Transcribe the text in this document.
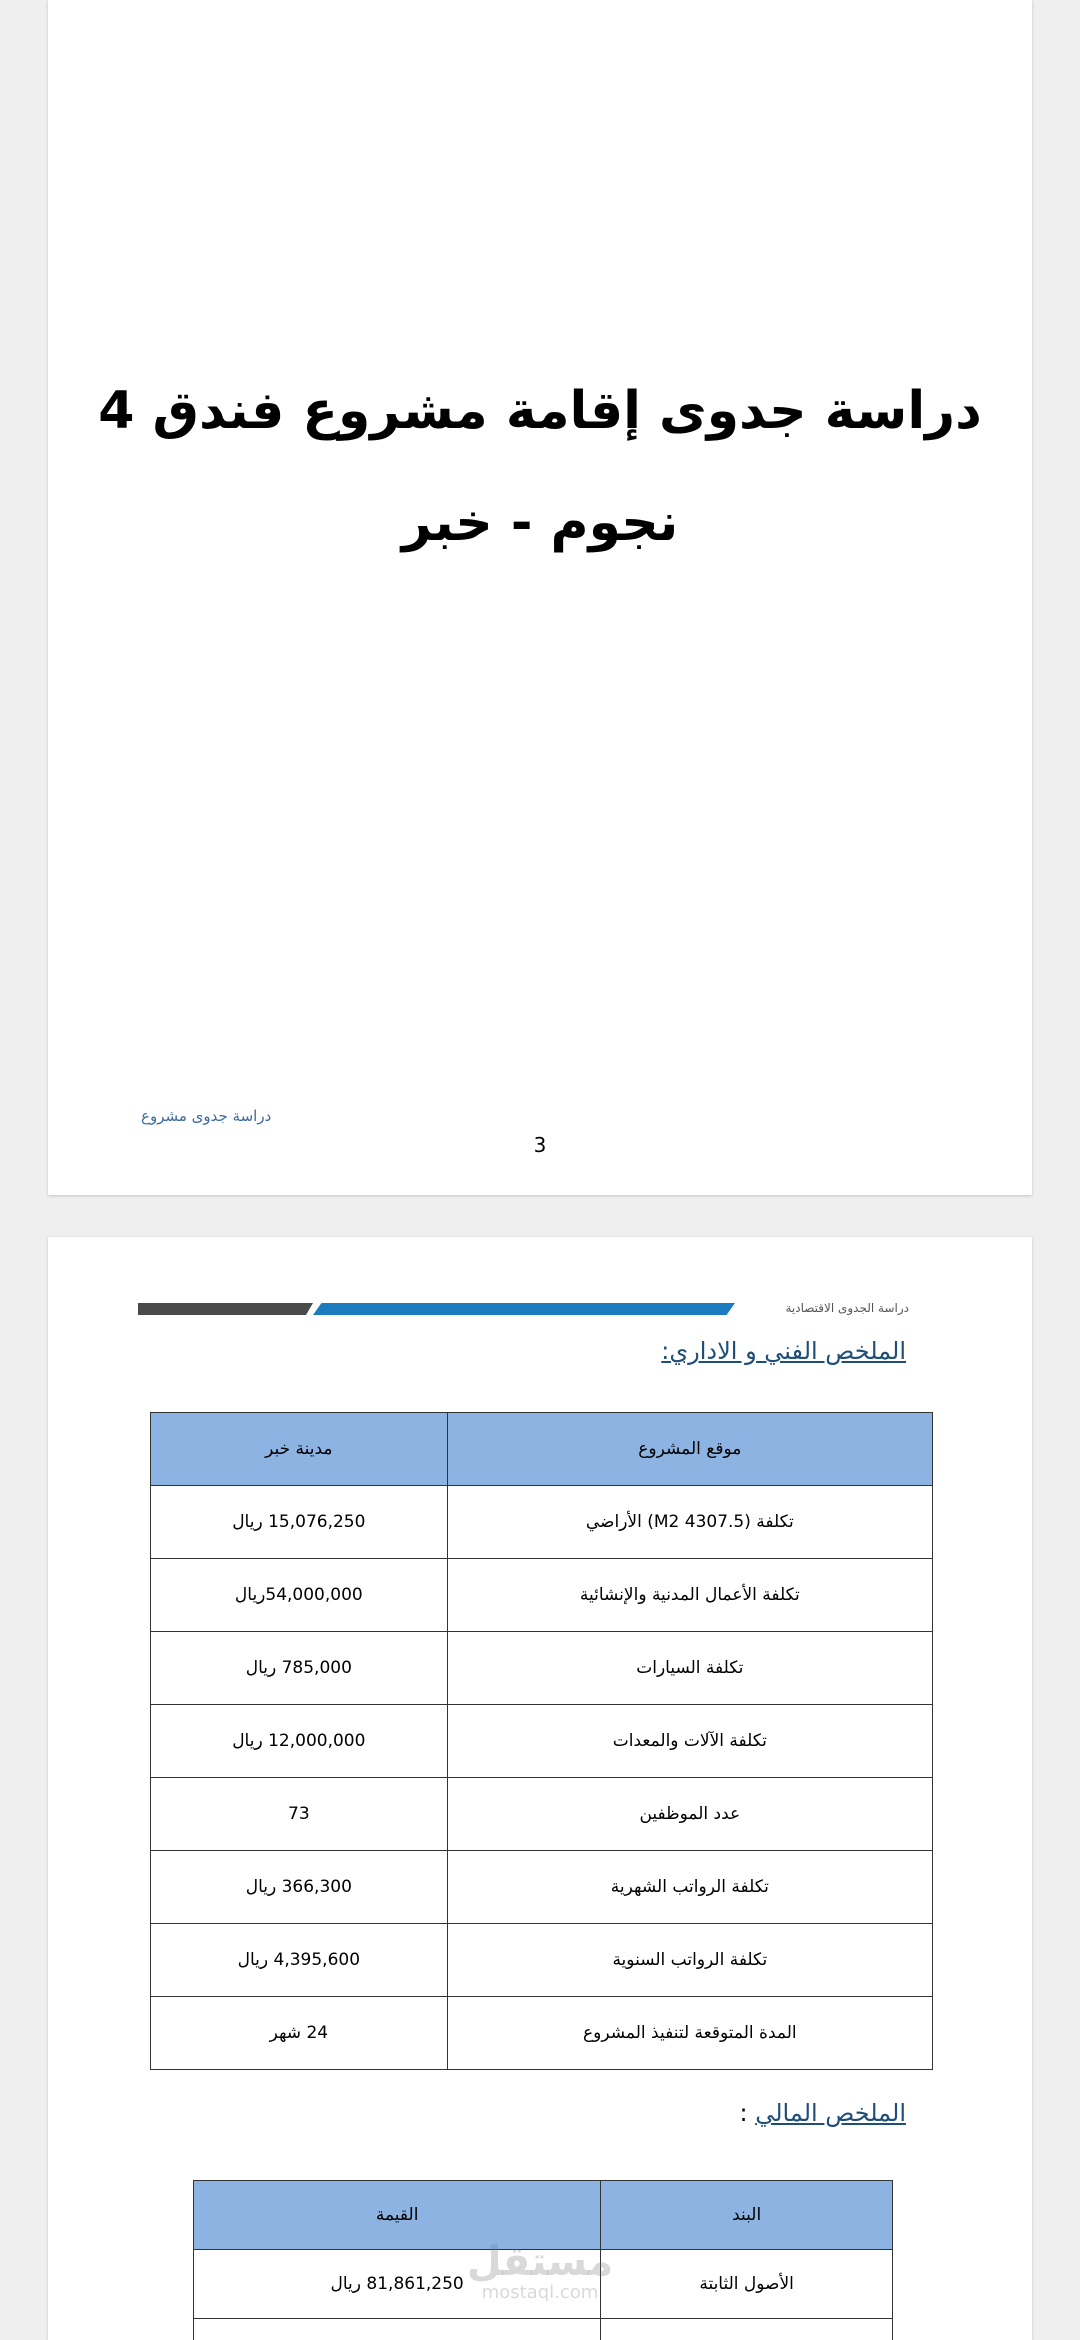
دراسة جدوى إقامة مشروع فندق 4
نجوم - خبر
دراسة جدوى مشروع
3
دراسة الجدوى الاقتصادية
الملخص الفني و الاداري:
موقع المشروع	مدينة خبر
تكلفة (4307.5 M2) الأراضي	15,076,250 ريال
تكلفة الأعمال المدنية والإنشائية	54,000,000ريال
تكلفة السيارات	785,000 ريال
تكلفة الآلات والمعدات	12,000,000 ريال
عدد الموظفين	73
تكلفة الرواتب الشهرية	366,300 ريال
تكلفة الرواتب السنوية	4,395,600 ريال
المدة المتوقعة لتنفيذ المشروع	24 شهر
الملخص المالي :
البند	القيمة
الأصول الثابتة	81,861,250 ريال
	مستقل
mostaql.com
